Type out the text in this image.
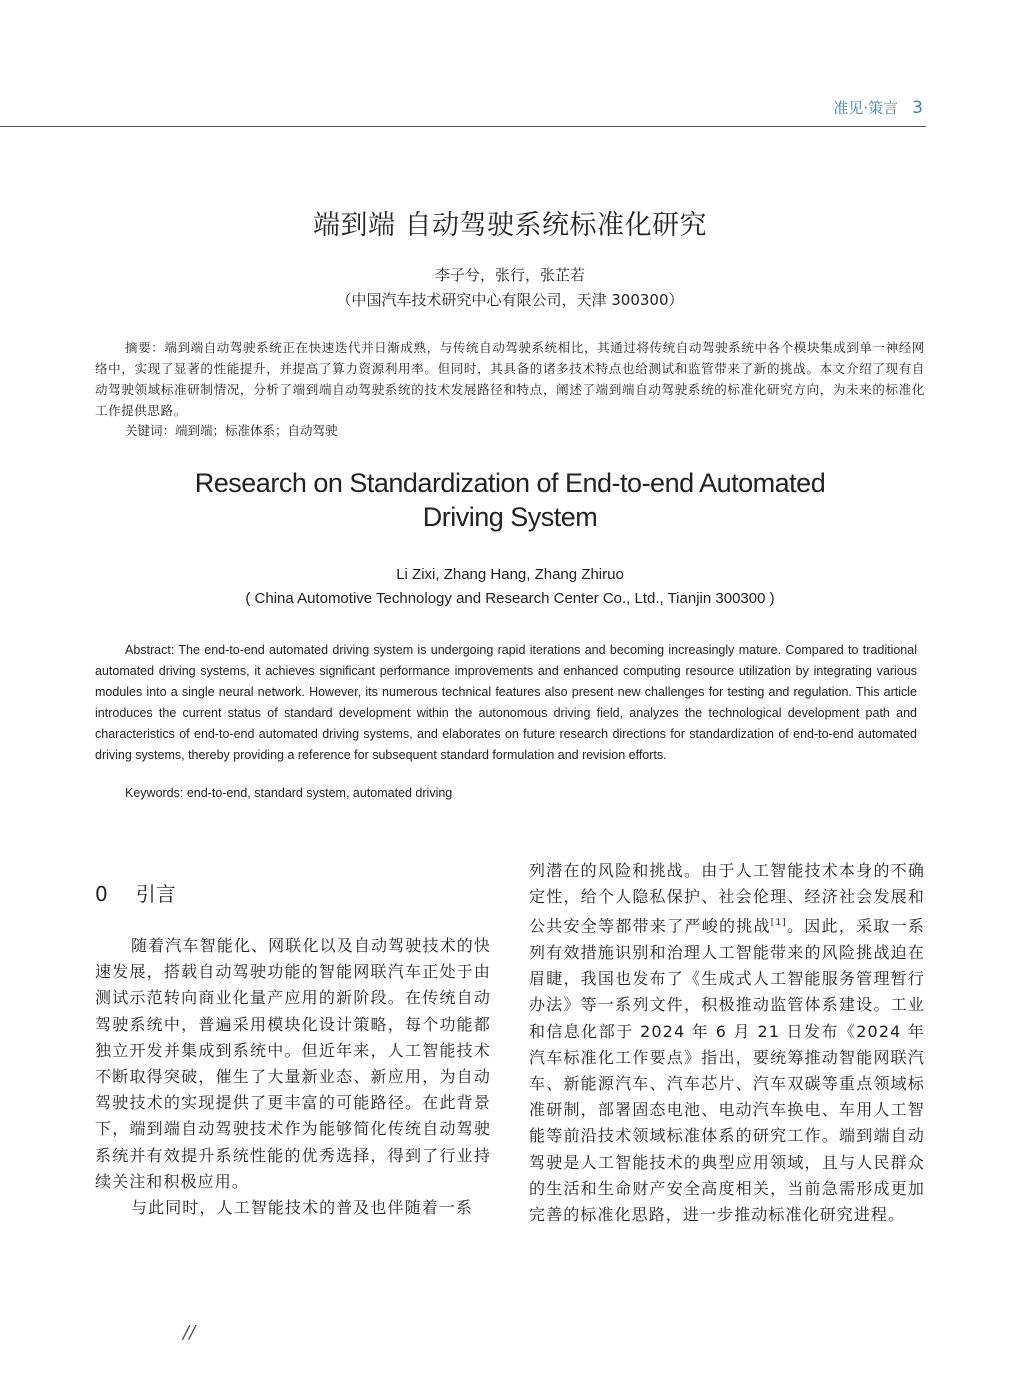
准见·策言 3
端到端 自动驾驶系统标准化研究
李子兮，张行，张芷若
（中国汽车技术研究中心有限公司，天津 300300）
摘要：端到端自动驾驶系统正在快速迭代并日渐成熟，与传统自动驾驶系统相比，其通过将传统自动驾驶系统中各个模块集成到单一神经网络中，实现了显著的性能提升，并提高了算力资源利用率。但同时，其具备的诸多技术特点也给测试和监管带来了新的挑战。本文介绍了现有自动驾驶领域标准研制情况，分析了端到端自动驾驶系统的技术发展路径和特点，阐述了端到端自动驾驶系统的标准化研究方向，为未来的标准化工作提供思路。
关键词：端到端；标准体系；自动驾驶
Research on Standardization of End-to-end Automated
Driving System
Li Zixi, Zhang Hang, Zhang Zhiruo
( China Automotive Technology and Research Center Co., Ltd., Tianjin 300300 )
Abstract: The end-to-end automated driving system is undergoing rapid iterations and becoming increasingly mature. Compared to traditional automated driving systems, it achieves significant performance improvements and enhanced computing resource utilization by integrating various modules into a single neural network. However, its numerous technical features also present new challenges for testing and regulation. This article introduces the current status of standard development within the autonomous driving field, analyzes the technological development path and characteristics of end-to-end automated driving systems, and elaborates on future research directions for standardization of end-to-end automated driving systems, thereby providing a reference for subsequent standard formulation and revision efforts.
Keywords: end-to-end, standard system, automated driving
0 引言

随着汽车智能化、网联化以及自动驾驶技术的快速发展，搭载自动驾驶功能的智能网联汽车正处于由测试示范转向商业化量产应用的新阶段。在传统自动驾驶系统中，普遍采用模块化设计策略，每个功能都独立开发并集成到系统中。但近年来，人工智能技术不断取得突破，催生了大量新业态、新应用，为自动驾驶技术的实现提供了更丰富的可能路径。在此背景下，端到端自动驾驶技术作为能够简化传统自动驾驶系统并有效提升系统性能的优秀选择，得到了行业持续关注和积极应用。

与此同时，人工智能技术的普及也伴随着一系

列潜在的风险和挑战。由于人工智能技术本身的不确定性，给个人隐私保护、社会伦理、经济社会发展和公共安全等都带来了严峻的挑战[1]。因此，采取一系列有效措施识别和治理人工智能带来的风险挑战迫在眉睫，我国也发布了《生成式人工智能服务管理暂行办法》等一系列文件，积极推动监管体系建设。工业和信息化部于 2024 年 6 月 21 日发布《2024 年汽车标准化工作要点》指出，要统筹推动智能网联汽车、新能源汽车、汽车芯片、汽车双碳等重点领域标准研制，部署固态电池、电动汽车换电、车用人工智能等前沿技术领域标准体系的研究工作。端到端自动驾驶是人工智能技术的典型应用领域，且与人民群众的生活和生命财产安全高度相关，当前急需形成更加完善的标准化思路，进一步推动标准化研究进程。

//
